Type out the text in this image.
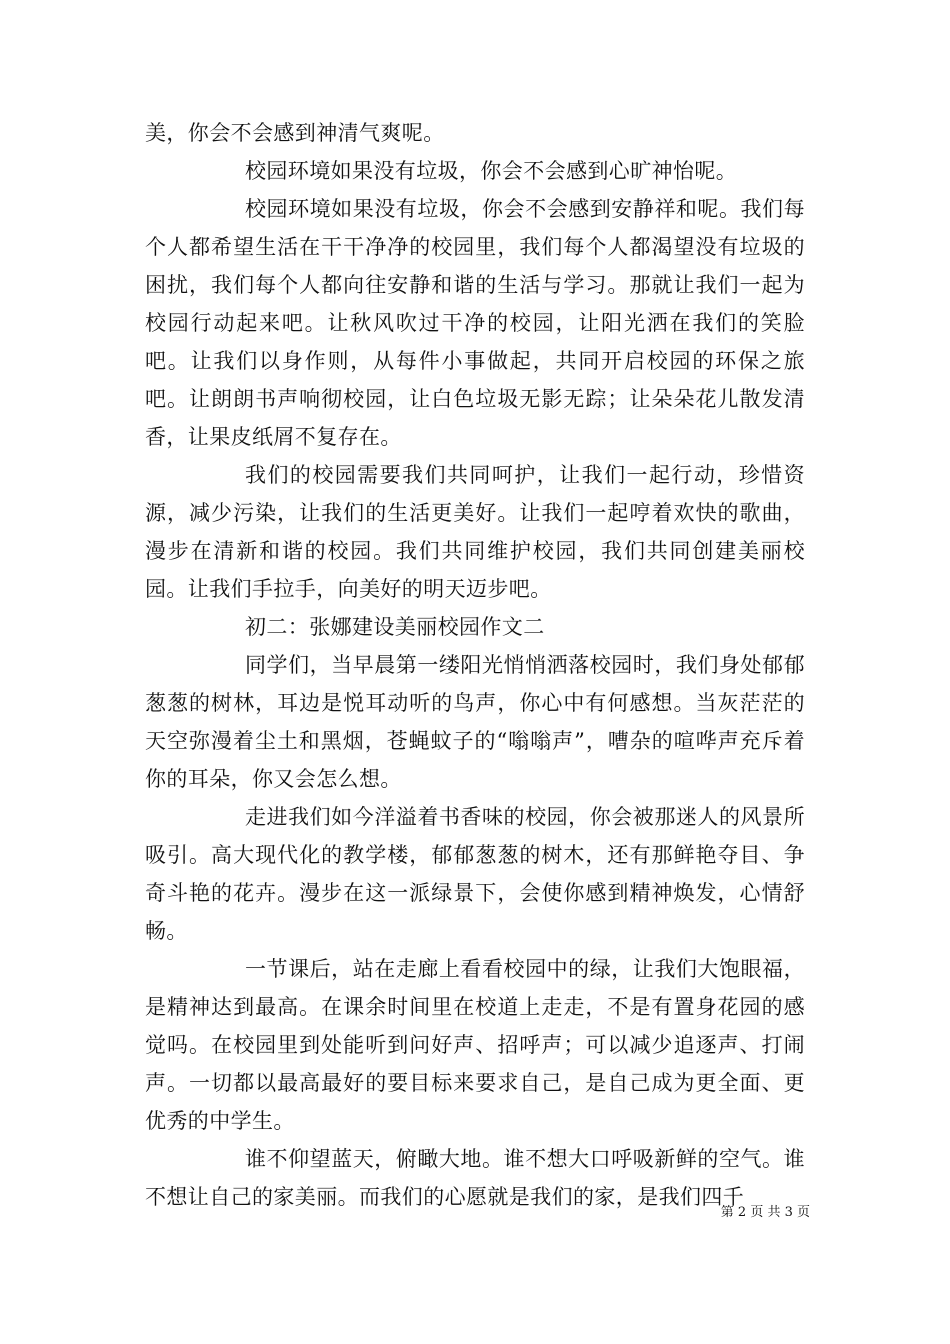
美，你会不会感到神清气爽呢。

校园环境如果没有垃圾，你会不会感到心旷神怡呢。

校园环境如果没有垃圾，你会不会感到安静祥和呢。我们每个人都希望生活在干干净净的校园里，我们每个人都渴望没有垃圾的困扰，我们每个人都向往安静和谐的生活与学习。那就让我们一起为校园行动起来吧。让秋风吹过干净的校园，让阳光洒在我们的笑脸吧。让我们以身作则，从每件小事做起，共同开启校园的环保之旅吧。让朗朗书声响彻校园，让白色垃圾无影无踪；让朵朵花儿散发清香，让果皮纸屑不复存在。

我们的校园需要我们共同呵护，让我们一起行动，珍惜资源，减少污染，让我们的生活更美好。让我们一起哼着欢快的歌曲，漫步在清新和谐的校园。我们共同维护校园，我们共同创建美丽校园。让我们手拉手，向美好的明天迈步吧。

初二：张娜建设美丽校园作文二

同学们，当早晨第一缕阳光悄悄洒落校园时，我们身处郁郁葱葱的树林，耳边是悦耳动听的鸟声，你心中有何感想。当灰茫茫的天空弥漫着尘土和黑烟，苍蝇蚊子的“嗡嗡声”，嘈杂的喧哗声充斥着你的耳朵，你又会怎么想。

走进我们如今洋溢着书香味的校园，你会被那迷人的风景所吸引。高大现代化的教学楼，郁郁葱葱的树木，还有那鲜艳夺目、争奇斗艳的花卉。漫步在这一派绿景下，会使你感到精神焕发，心情舒畅。

一节课后，站在走廊上看看校园中的绿，让我们大饱眼福，是精神达到最高。在课余时间里在校道上走走，不是有置身花园的感觉吗。在校园里到处能听到问好声、招呼声；可以减少追逐声、打闹声。一切都以最高最好的要目标来要求自己，是自己成为更全面、更优秀的中学生。

谁不仰望蓝天，俯瞰大地。谁不想大口呼吸新鲜的空气。谁不想让自己的家美丽。而我们的心愿就是我们的家，是我们四千

第 2 页 共 3 页
